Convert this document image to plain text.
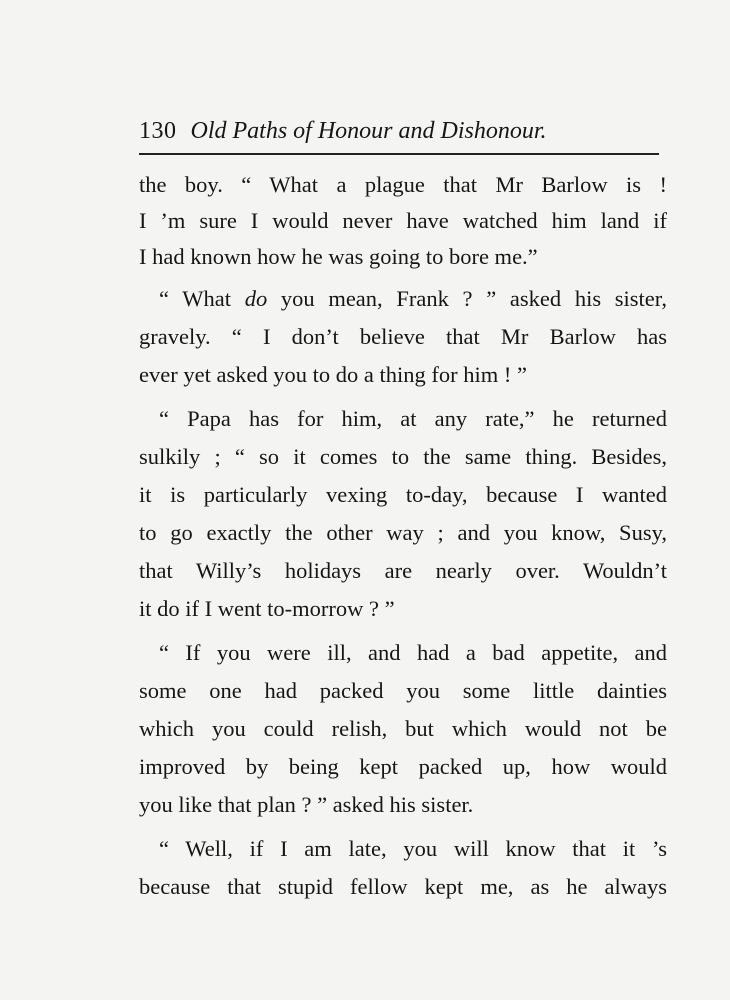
130 Old Paths of Honour and Dishonour.
the boy. “ What a plague that Mr Barlow is !
I ’m sure I would never have watched him land if
I had known how he was going to bore me.”
“ What do you mean, Frank ? ” asked his sister,
gravely. “ I don’t believe that Mr Barlow has
ever yet asked you to do a thing for him ! ”
“ Papa has for him, at any rate,” he returned
sulkily ; “ so it comes to the same thing. Besides,
it is particularly vexing to-day, because I wanted
to go exactly the other way ; and you know, Susy,
that Willy’s holidays are nearly over. Wouldn’t
it do if I went to-morrow ? ”
“ If you were ill, and had a bad appetite, and
some one had packed you some little dainties
which you could relish, but which would not be
improved by being kept packed up, how would
you like that plan ? ” asked his sister.
“ Well, if I am late, you will know that it ’s
because that stupid fellow kept me, as he always
